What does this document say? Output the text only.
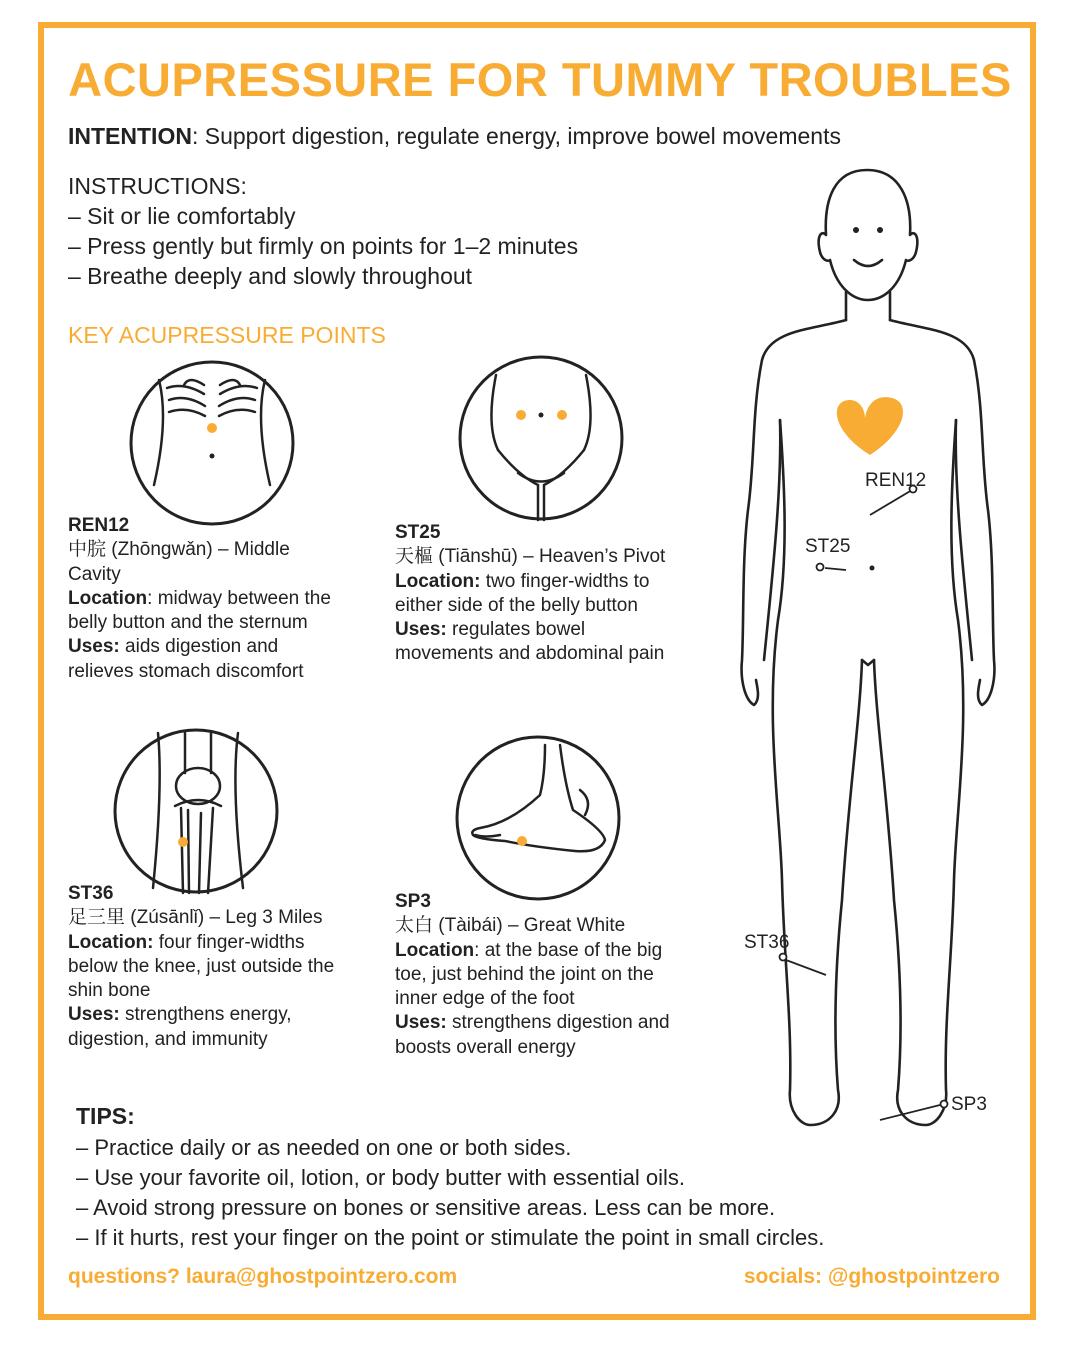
ACUPRESSURE FOR TUMMY TROUBLES
INTENTION: Support digestion, regulate energy, improve bowel movements
INSTRUCTIONS:
– Sit or lie comfortably
– Press gently but firmly on points for 1–2 minutes
– Breathe deeply and slowly throughout
KEY ACUPRESSURE POINTS
REN12
中脘 (Zhōngwǎn) – Middle
Cavity
Location: midway between the
belly button and the sternum
Uses: aids digestion and
relieves stomach discomfort
ST25
天樞 (Tiānshū) – Heaven’s Pivot
Location: two finger-widths to
either side of the belly button
Uses: regulates bowel
movements and abdominal pain
ST36
足三里 (Zúsānlǐ) – Leg 3 Miles
Location: four finger-widths
below the knee, just outside the
shin bone
Uses: strengthens energy,
digestion, and immunity
SP3
太白 (Tàibái) – Great White
Location: at the base of the big
toe, just behind the joint on the
inner edge of the foot
Uses: strengthens digestion and
boosts overall energy
REN12
ST25
ST36
SP3
TIPS:
– Practice daily or as needed on one or both sides.
– Use your favorite oil, lotion, or body butter with essential oils.
– Avoid strong pressure on bones or sensitive areas. Less can be more.
– If it hurts, rest your finger on the point or stimulate the point in small circles.
questions? laura@ghostpointzero.com	socials: @ghostpointzero
